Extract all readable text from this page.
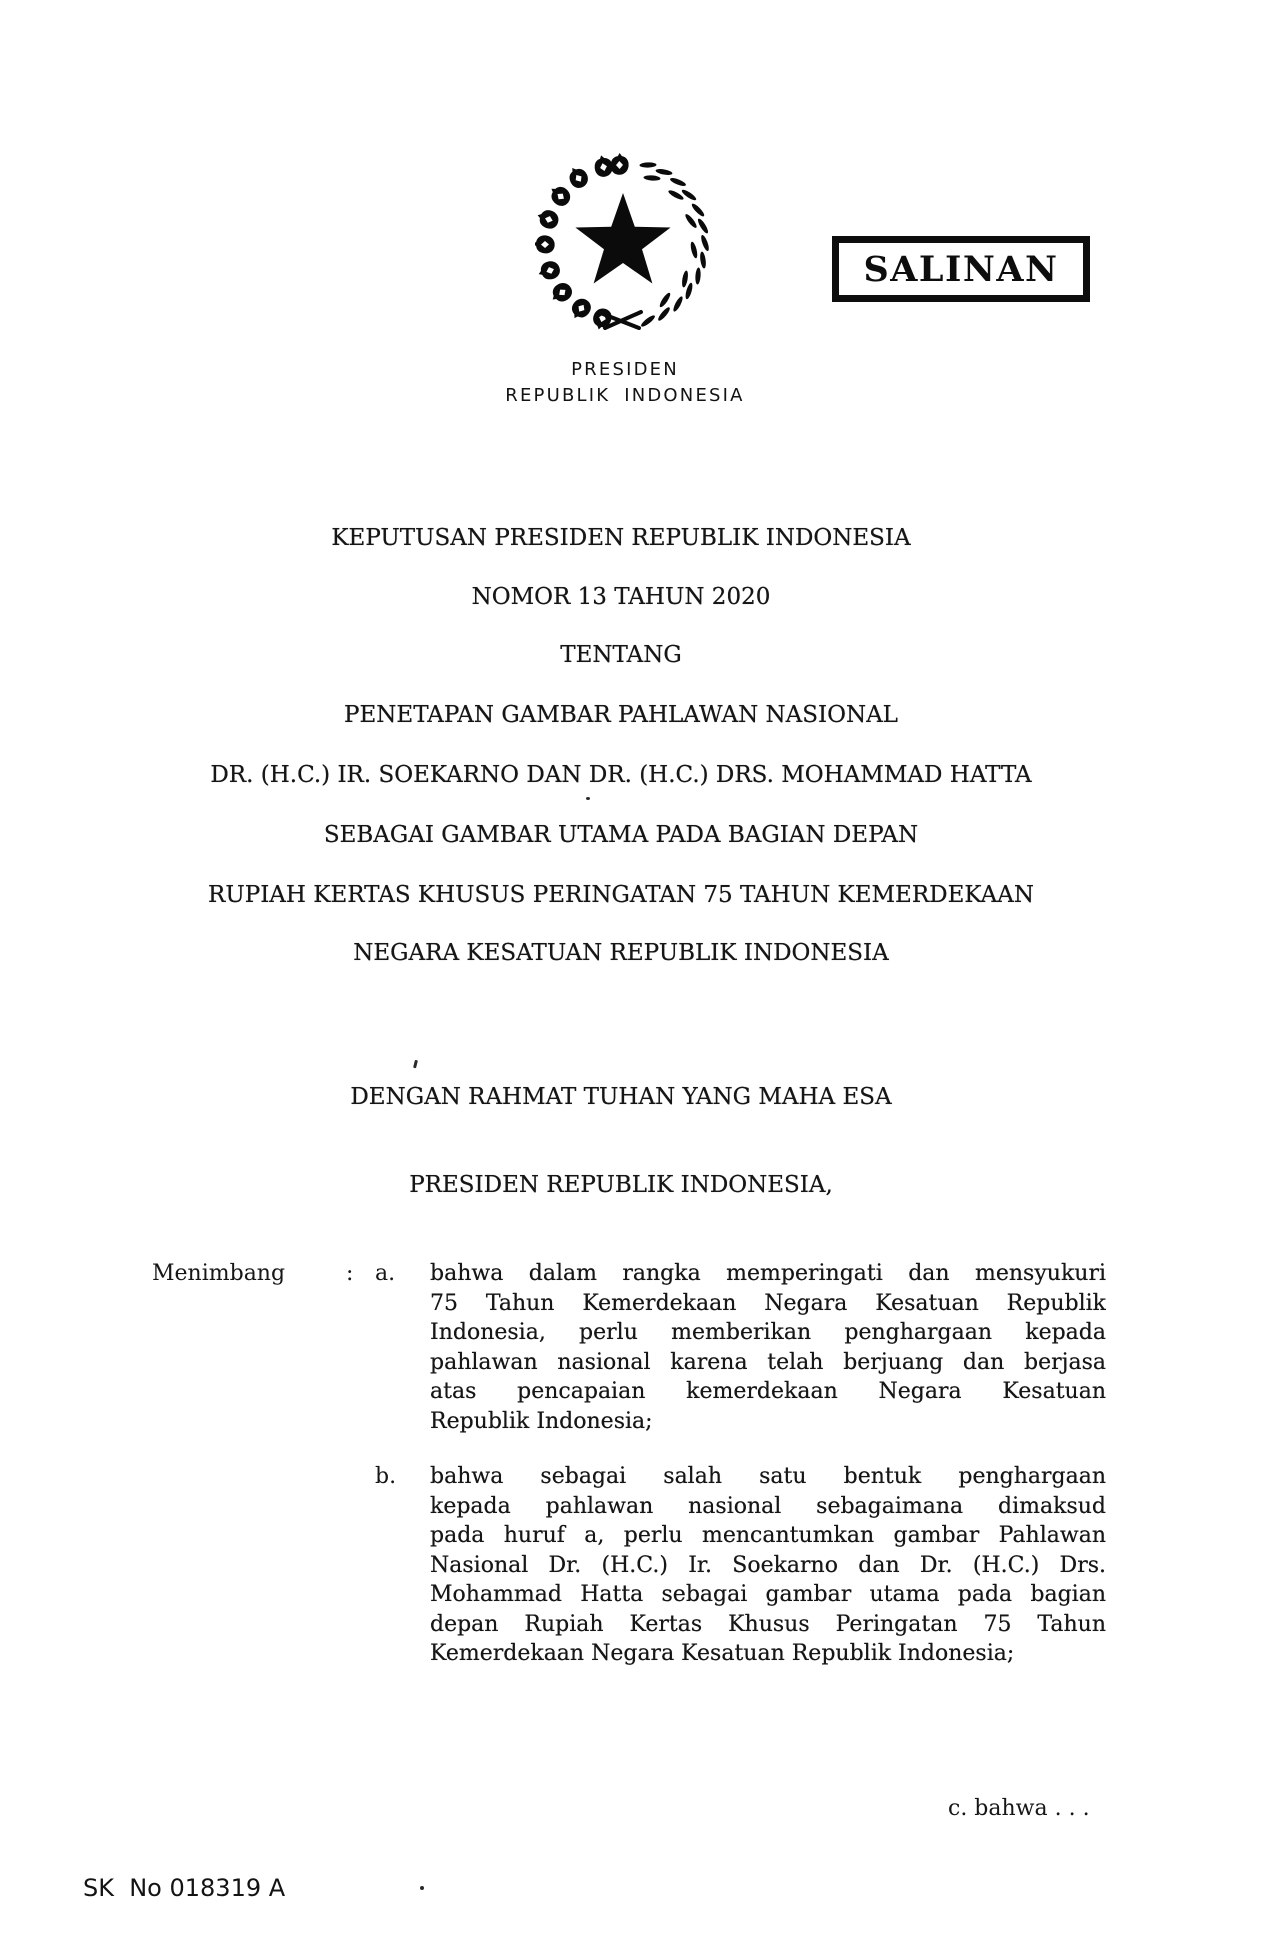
PRESIDEN
REPUBLIK INDONESIA
SALINAN
KEPUTUSAN PRESIDEN REPUBLIK INDONESIA
NOMOR 13 TAHUN 2020
TENTANG
PENETAPAN GAMBAR PAHLAWAN NASIONAL
DR. (H.C.) IR. SOEKARNO DAN DR. (H.C.) DRS. MOHAMMAD HATTA
SEBAGAI GAMBAR UTAMA PADA BAGIAN DEPAN
RUPIAH KERTAS KHUSUS PERINGATAN 75 TAHUN KEMERDEKAAN
NEGARA KESATUAN REPUBLIK INDONESIA
DENGAN RAHMAT TUHAN YANG MAHA ESA
PRESIDEN REPUBLIK INDONESIA,
Menimbang	: a. bahwa dalam rangka memperingati dan mensyukuri
75 Tahun Kemerdekaan Negara Kesatuan Republik
Indonesia, perlu memberikan penghargaan kepada
pahlawan nasional karena telah berjuang dan berjasa
atas pencapaian kemerdekaan Negara Kesatuan
Republik Indonesia;
b. bahwa sebagai salah satu bentuk penghargaan
kepada pahlawan nasional sebagaimana dimaksud
pada huruf a, perlu mencantumkan gambar Pahlawan
Nasional Dr. (H.C.) Ir. Soekarno dan Dr. (H.C.) Drs.
Mohammad Hatta sebagai gambar utama pada bagian
depan Rupiah Kertas Khusus Peringatan 75 Tahun
Kemerdekaan Negara Kesatuan Republik Indonesia;
c. bahwa . . .
SK  No 018319 A
